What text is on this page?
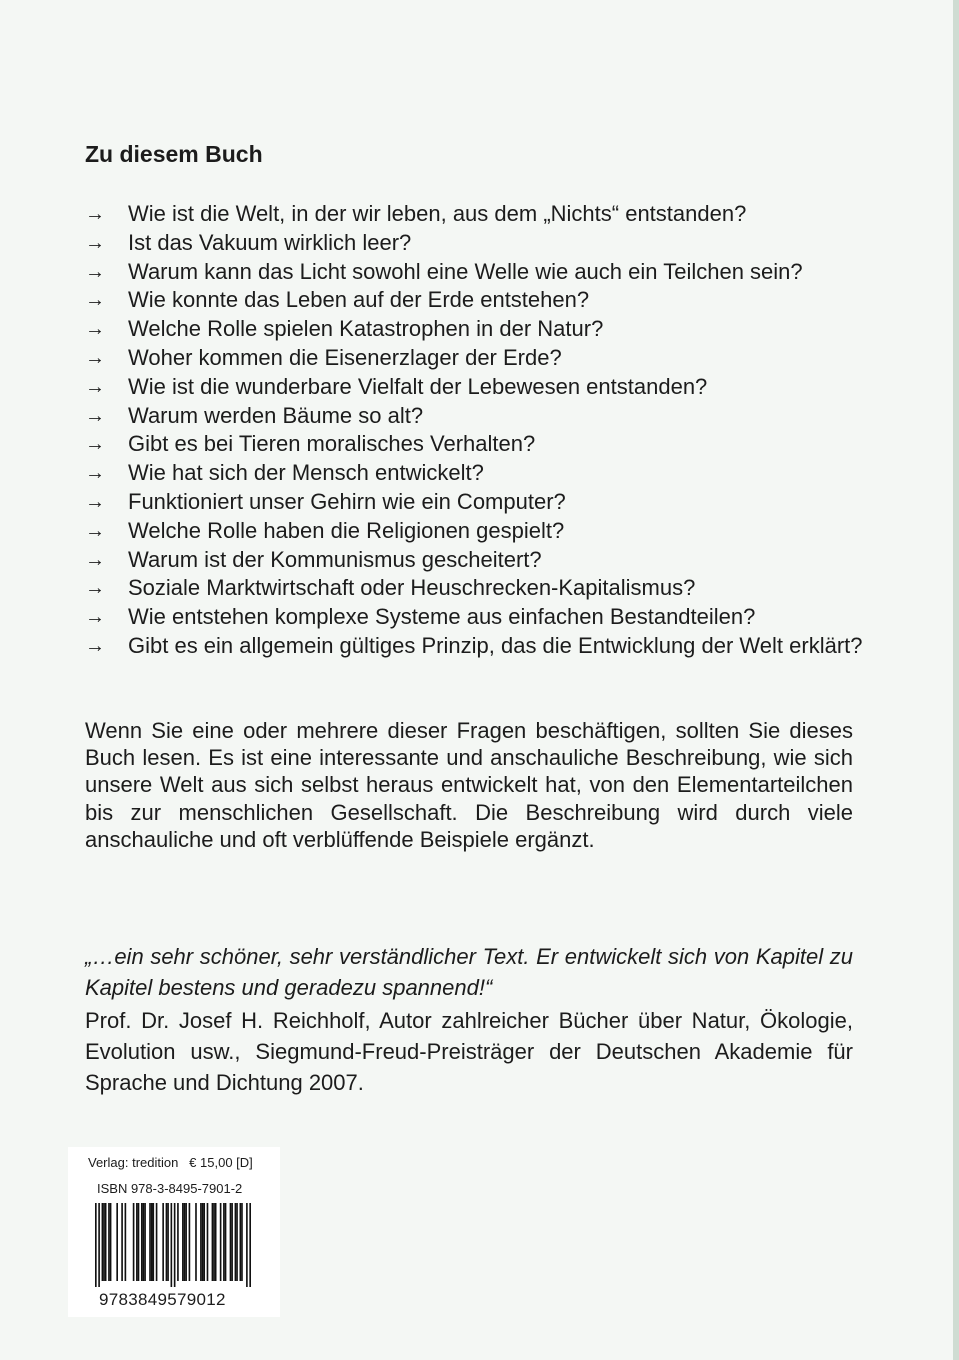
Zu diesem Buch
→	Wie ist die Welt, in der wir leben, aus dem „Nichts“ entstanden?
→	Ist das Vakuum wirklich leer?
→	Warum kann das Licht sowohl eine Welle wie auch ein Teilchen sein?
→	Wie konnte das Leben auf der Erde entstehen?
→	Welche Rolle spielen Katastrophen in der Natur?
→	Woher kommen die Eisenerzlager der Erde?
→	Wie ist die wunderbare Vielfalt der Lebewesen entstanden?
→	Warum werden Bäume so alt?
→	Gibt es bei Tieren moralisches Verhalten?
→	Wie hat sich der Mensch entwickelt?
→	Funktioniert unser Gehirn wie ein Computer?
→	Welche Rolle haben die Religionen gespielt?
→	Warum ist der Kommunismus gescheitert?
→	Soziale Marktwirtschaft oder Heuschrecken-Kapitalismus?
→	Wie entstehen komplexe Systeme aus einfachen Bestandteilen?
→	Gibt es ein allgemein gültiges Prinzip, das die Entwicklung der Welt erklärt?

Wenn Sie eine oder mehrere dieser Fragen beschäftigen, sollten Sie dieses Buch lesen. Es ist eine interessante und anschauliche Beschreibung, wie sich unsere Welt aus sich selbst heraus entwickelt hat, von den Elementarteilchen bis zur menschlichen Gesellschaft. Die Beschreibung wird durch viele anschauliche und oft verblüffende Beispiele ergänzt.

„…ein sehr schöner, sehr verständlicher Text. Er entwickelt sich von Kapitel zu Kapitel bestens und geradezu spannend!“

Prof. Dr. Josef H. Reichholf, Autor zahlreicher Bücher über Natur, Ökologie, Evolution usw., Siegmund-Freud-Preisträger der Deutschen Akademie für Sprache und Dichtung 2007.

Verlag: tredition   € 15,00 [D]
ISBN 978-3-8495-7901-2
9783849579012
